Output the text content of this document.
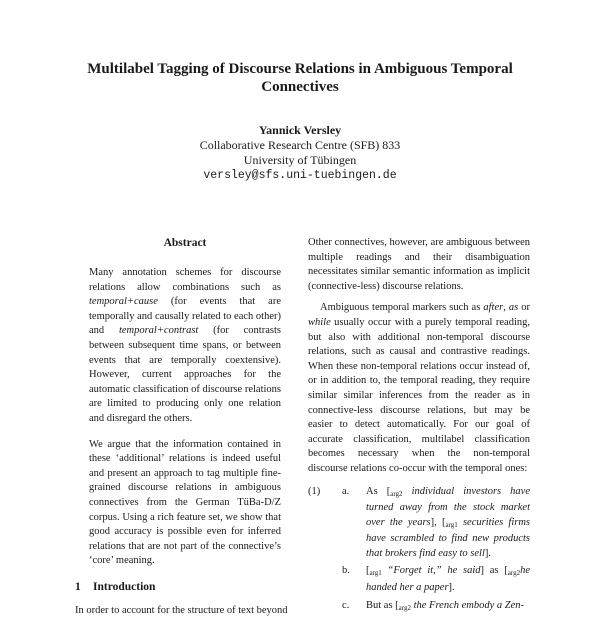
Multilabel Tagging of Discourse Relations in Ambiguous Temporal Connectives
Yannick Versley
Collaborative Research Centre (SFB) 833
University of Tübingen
versley@sfs.uni-tuebingen.de
Abstract

Many annotation schemes for discourse relations allow combinations such as temporal+cause (for events that are temporally and causally related to each other) and temporal+contrast (for contrasts between subsequent time spans, or between events that are temporally coextensive). However, current approaches for the automatic classification of discourse relations are limited to producing only one relation and disregard the others.

We argue that the information contained in these ‘additional’ relations is indeed useful and present an approach to tag multiple fine-grained discourse relations in ambiguous connectives from the German TüBa-D/Z corpus. Using a rich feature set, we show that good accuracy is possible even for inferred relations that are not part of the connective’s ‘core’ meaning.

1 Introduction

In order to account for the structure of text beyond

Other connectives, however, are ambiguous between multiple readings and their disambiguation necessitates similar semantic information as implicit (connective-less) discourse relations.

Ambiguous temporal markers such as after, as or while usually occur with a purely temporal reading, but also with additional non-temporal discourse relations, such as causal and contrastive readings. When these non-temporal relations occur instead of, or in addition to, the temporal reading, they require similar similar inferences from the reader as in connective-less discourse relations, but may be easier to detect automatically. For our goal of accurate classification, multilabel classification becomes necessary when the non-temporal discourse relations co-occur with the temporal ones:

(1) a. As [$_{arg2}$ individual investors have turned away from the stock market over the years], [$_{arg1}$ securities firms have scrambled to find new products that brokers find easy to sell].
b. [$_{arg1}$ “Forget it,” he said] as [$_{arg2}he$ handed her a paper].
c. But as [$_{arg2}$ the French embody a Zen-
